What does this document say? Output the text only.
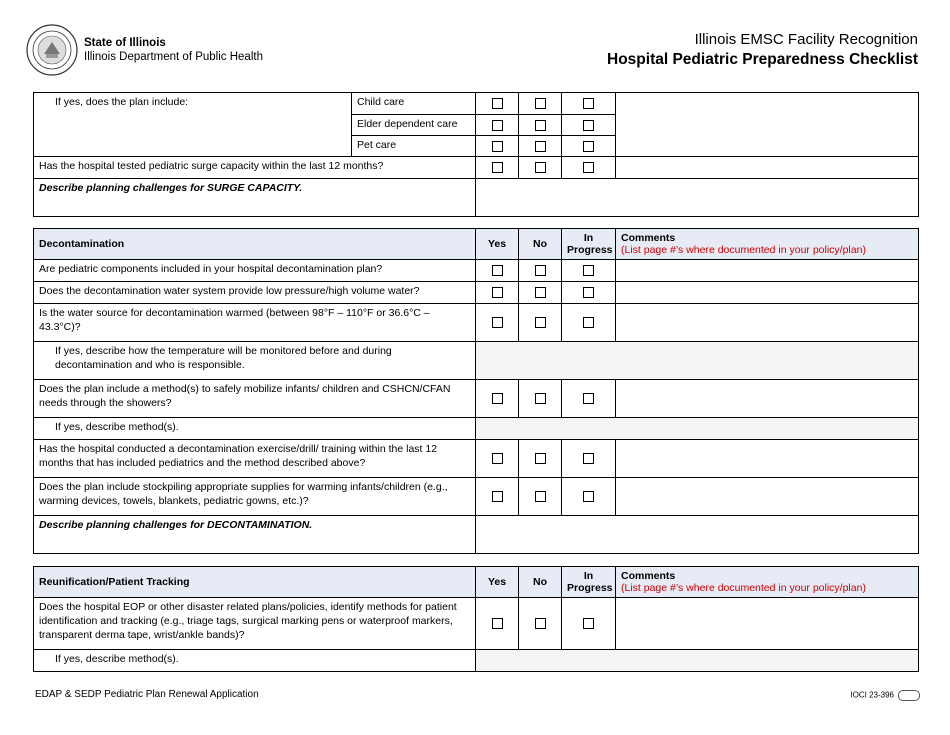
State of Illinois
Illinois Department of Public Health
Illinois EMSC Facility Recognition
Hospital Pediatric Preparedness Checklist
If yes, does the plan include:	Child care				
	Elder dependent care				
	Pet care				
Has the hospital tested pediatric surge capacity within the last 12 months?					
Describe planning challenges for SURGE CAPACITY.					
Decontamination	Yes	No	In Progress	Comments
(List page #’s where documented in your policy/plan)

Are pediatric components included in your hospital decontamination plan?				
Does the decontamination water system provide low pressure/high volume water?				
Is the water source for decontamination warmed (between 98°F – 110°F or 36.6°C – 43.3°C)?				
If yes, describe how the temperature will be monitored before and during decontamination and who is responsible.				
Does the plan include a method(s) to safely mobilize infants/ children and CSHCN/CFAN needs through the showers?				
If yes, describe method(s).				
Has the hospital conducted a decontamination exercise/drill/ training within the last 12 months that has included pediatrics and the method described above?				
Does the plan include stockpiling appropriate supplies for warming infants/children (e.g., warming devices, towels, blankets, pediatric gowns, etc.)?				
Describe planning challenges for DECONTAMINATION.				
Reunification/Patient Tracking	Yes	No	In Progress	Comments
(List page #’s where documented in your policy/plan)

Does the hospital EOP or other disaster related plans/policies, identify methods for patient identification and tracking (e.g., triage tags, surgical marking pens or waterproof markers, transparent derma tape, wrist/ankle bands)?				
If yes, describe method(s).				
EDAP & SEDP Pediatric Plan Renewal Application	IOCI 23-396
